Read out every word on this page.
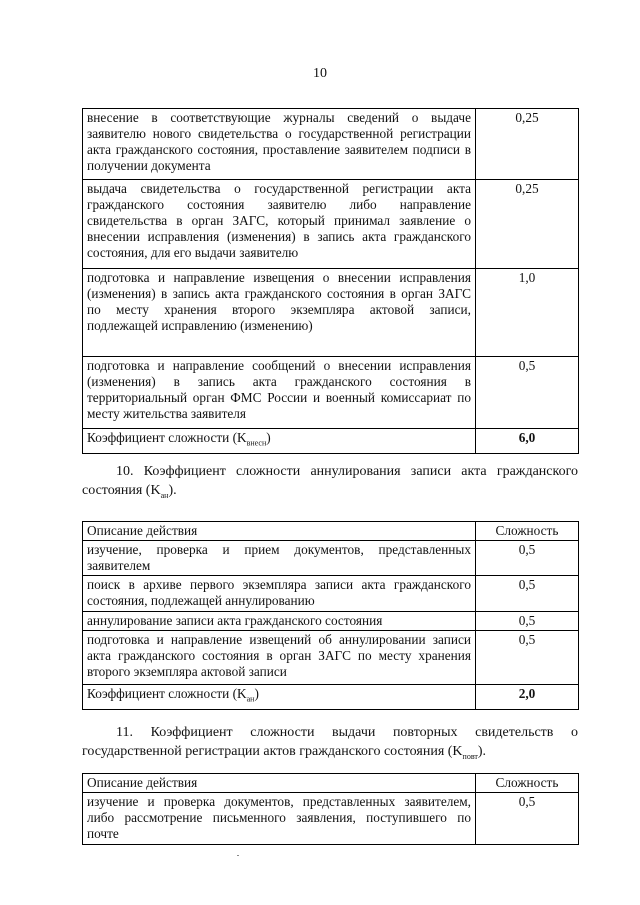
10
внесение в соответствующие журналы сведений о выдаче заявителю нового свидетельства о государственной регистрации акта гражданского состояния, проставление заявителем подписи в получении документа	0,25
выдача свидетельства о государственной регистрации акта гражданского состояния заявителю либо направление свидетельства в орган ЗАГС, который принимал заявление о внесении исправления (изменения) в запись акта гражданского состояния, для его выдачи заявителю	0,25
подготовка и направление извещения о внесении исправления (изменения) в запись акта гражданского состояния в орган ЗАГС по месту хранения второго экземпляра актовой записи, подлежащей исправлению (изменению)	1,0
подготовка и направление сообщений о внесении исправления (изменения) в запись акта гражданского состояния в территориальный орган ФМС России и военный комиссариат по месту жительства заявителя	0,5
Коэффициент сложности $(K_{внесн})$	6,0
10. Коэффициент сложности аннулирования записи акта гражданского состояния $(K_{ан})$.
Описание действия	Сложность
изучение, проверка и прием документов, представленных заявителем	0,5
поиск в архиве первого экземпляра записи акта гражданского состояния, подлежащей аннулированию	0,5
аннулирование записи акта гражданского состояния	0,5
подготовка и направление извещений об аннулировании записи акта гражданского состояния в орган ЗАГС по месту хранения второго экземпляра актовой записи	0,5
Коэффициент сложности $(K_{ан})$	2,0
11. Коэффициент сложности выдачи повторных свидетельств о государственной регистрации актов гражданского состояния $(K_{повт})$.
Описание действия	Сложность
изучение и проверка документов, представленных заявителем, либо рассмотрение письменного заявления, поступившего по почте	0,5
